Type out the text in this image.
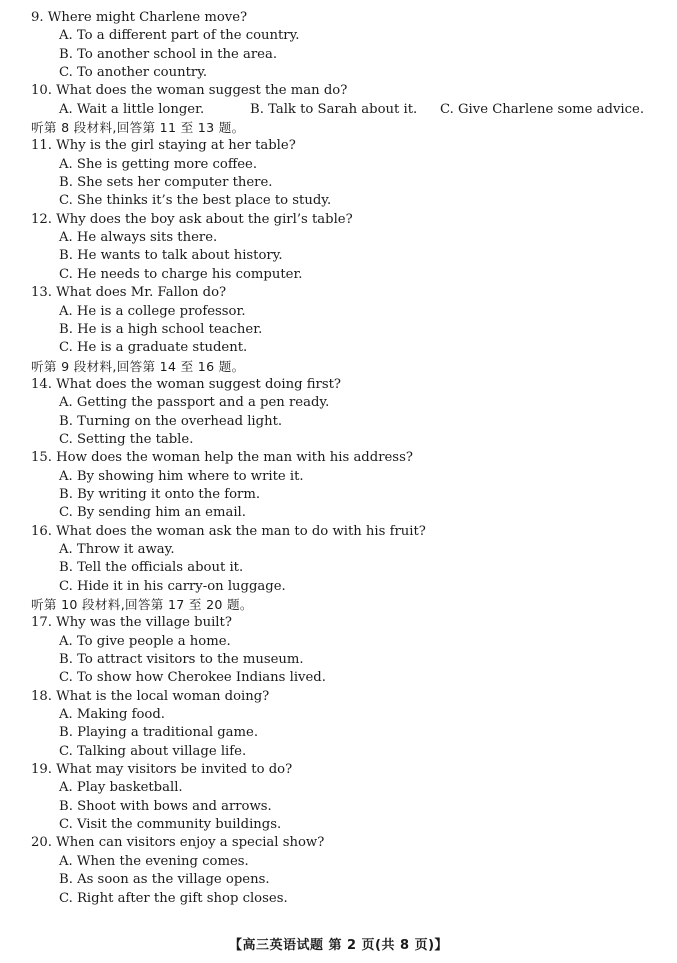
9. Where might Charlene move?
A. To a different part of the country.
B. To another school in the area.
C. To another country.
10. What does the woman suggest the man do?
A. Wait a little longer.	B. Talk to Sarah about it. C. Give Charlene some advice.
听第 8 段材料,回答第 11 至 13 题。
11. Why is the girl staying at her table?
A. She is getting more coffee.
B. She sets her computer there.
C. She thinks it’s the best place to study.
12. Why does the boy ask about the girl’s table?
A. He always sits there.
B. He wants to talk about history.
C. He needs to charge his computer.
13. What does Mr. Fallon do?
A. He is a college professor.
B. He is a high school teacher.
C. He is a graduate student.
听第 9 段材料,回答第 14 至 16 题。
14. What does the woman suggest doing first?
A. Getting the passport and a pen ready.
B. Turning on the overhead light.
C. Setting the table.
15. How does the woman help the man with his address?
A. By showing him where to write it.
B. By writing it onto the form.
C. By sending him an email.
16. What does the woman ask the man to do with his fruit?
A. Throw it away.
B. Tell the officials about it.
C. Hide it in his carry-on luggage.
听第 10 段材料,回答第 17 至 20 题。
17. Why was the village built?
A. To give people a home.
B. To attract visitors to the museum.
C. To show how Cherokee Indians lived.
18. What is the local woman doing?
A. Making food.
B. Playing a traditional game.
C. Talking about village life.
19. What may visitors be invited to do?
A. Play basketball.
B. Shoot with bows and arrows.
C. Visit the community buildings.
20. When can visitors enjoy a special show?
A. When the evening comes.
B. As soon as the village opens.
C. Right after the gift shop closes.
【高三英语试题 第 2 页(共 8 页)】
